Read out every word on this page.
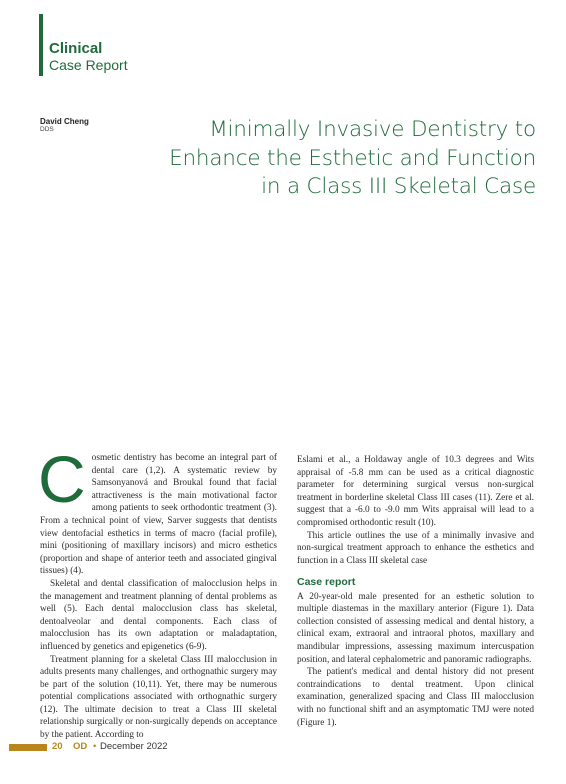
Clinical
Case Report
David Cheng
DDS	Minimally Invasive Dentistry to
Enhance the Esthetic and Function
in a Class III Skeletal Case

Cosmetic dentistry has become an integral part of dental care (1,2). A systematic review by Samsonyanová and Broukal found that facial attractiveness is the main motivational factor among patients to seek orthodontic treatment (3). From a technical point of view, Sarver suggests that dentists view dentofacial esthetics in terms of macro (facial profile), mini (positioning of maxillary incisors) and micro esthetics (proportion and shape of anterior teeth and associated gingival tissues) (4).

Skeletal and dental classification of malocclusion helps in the management and treatment planning of dental problems as well (5). Each dental malocclusion class has skeletal, dentoalveolar and dental components. Each class of malocclusion has its own adaptation or maladaptation, influenced by genetics and epigenetics (6-9).

Treatment planning for a skeletal Class III malocclusion in adults presents many challenges, and orthognathic surgery may be part of the solution (10,11). Yet, there may be numerous potential complications associated with orthognathic surgery (12). The ultimate decision to treat a Class III skeletal relationship surgically or non-surgically depends on acceptance by the patient. According to

Eslami et al., a Holdaway angle of 10.3 degrees and Wits appraisal of -5.8 mm can be used as a critical diagnostic parameter for determining surgical versus non-surgical treatment in borderline skeletal Class III cases (11). Zere et al. suggest that a -6.0 to -9.0 mm Wits appraisal will lead to a compromised orthodontic result (10).

This article outlines the use of a minimally invasive and non-surgical treatment approach to enhance the esthetics and function in a Class III skeletal case

Case report

A 20-year-old male presented for an esthetic solution to multiple diastemas in the maxillary anterior (Figure 1). Data collection consisted of assessing medical and dental history, a clinical exam, extraoral and intraoral photos, maxillary and mandibular impressions, assessing maximum intercuspation position, and lateral cephalometric and panoramic radiographs.

The patient's medical and dental history did not present contraindications to dental treatment. Upon clinical examination, generalized spacing and Class III malocclusion with no functional shift and an asymptomatic TMJ were noted (Figure 1).

20 OD • December 2022
